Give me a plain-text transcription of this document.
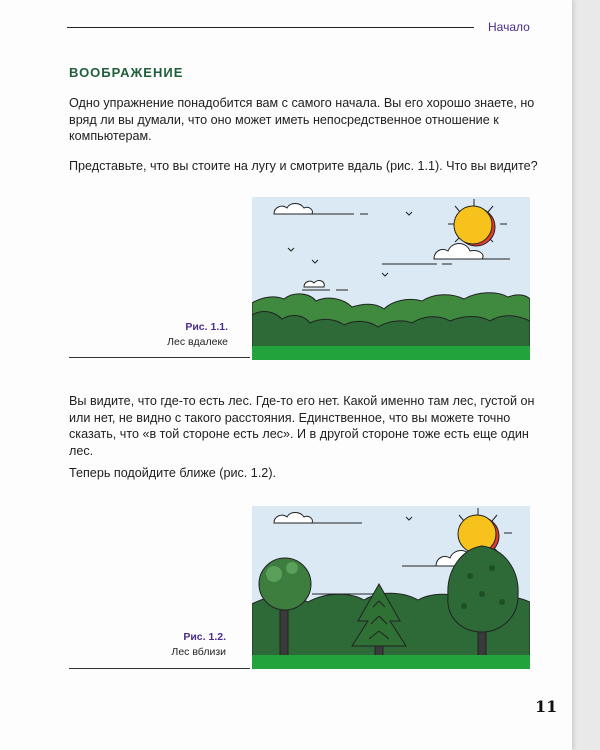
Начало
ВООБРАЖЕНИЕ

Одно упражнение понадобится вам с самого начала. Вы его хорошо знаете, но вряд ли вы думали, что оно может иметь непосредственное отношение к компьютерам.

Представьте, что вы стоите на лугу и смотрите вдаль (рис. 1.1). Что вы видите?

Рис. 1.1.
Лес вдалеке

Вы видите, что где-то есть лес. Где-то его нет. Какой именно там лес, густой он или нет, не видно с такого расстояния. Единственное, что вы можете точно сказать, что «в той стороне есть лес». И в другой стороне тоже есть еще один лес.

Теперь подойдите ближе (рис. 1.2).

Рис. 1.2.
Лес вблизи
11
